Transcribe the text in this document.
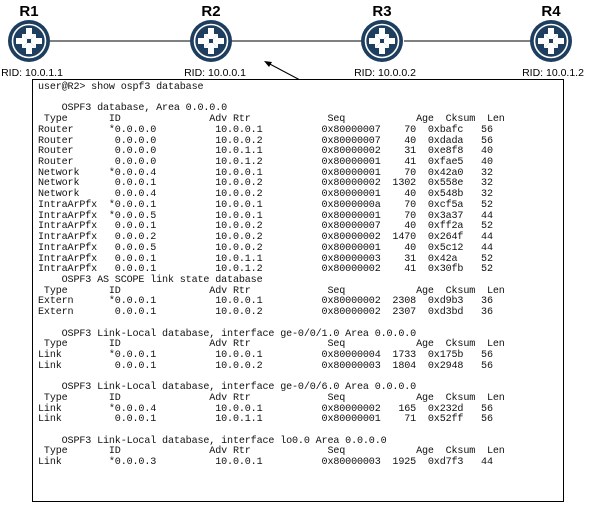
R1
RID: 10.0.1.1
R2
RID: 10.0.0.1
R3
RID: 10.0.0.2
R4
RID: 10.0.1.2
user@R2> show ospf3 database

OSPF3 database, Area 0.0.0.0
Type       ID               Adv Rtr             Seq            Age  Cksum  Len
Router      *0.0.0.0          10.0.0.1          0x80000007    70  0xbafc   56
Router       0.0.0.0          10.0.0.2          0x80000007    40  0xdada   56
Router       0.0.0.0          10.0.1.1          0x80000002    31  0xe8f8   40
Router       0.0.0.0          10.0.1.2          0x80000001    41  0xfae5   40
Network     *0.0.0.4          10.0.0.1          0x80000001    70  0x42a0   32
Network      0.0.0.1          10.0.0.2          0x80000002  1302  0x558e   32
Network      0.0.0.4          10.0.0.2          0x80000001    40  0x548b   32
IntraArPfx  *0.0.0.1          10.0.0.1          0x8000000a    70  0xcf5a   52
IntraArPfx  *0.0.0.5          10.0.0.1          0x80000001    70  0x3a37   44
IntraArPfx   0.0.0.1          10.0.0.2          0x80000007    40  0xff2a   52
IntraArPfx   0.0.0.2          10.0.0.2          0x80000002  1470  0x264f   44
IntraArPfx   0.0.0.5          10.0.0.2          0x80000001    40  0x5c12   44
IntraArPfx   0.0.0.1          10.0.1.1          0x80000003    31  0x42a    52
IntraArPfx   0.0.0.1          10.0.1.2          0x80000002    41  0x30fb   52
OSPF3 AS SCOPE link state database
Type       ID               Adv Rtr             Seq            Age  Cksum  Len
Extern      *0.0.0.1          10.0.0.1          0x80000002  2308  0xd9b3   36
Extern       0.0.0.1          10.0.0.2          0x80000002  2307  0xd3bd   36

OSPF3 Link-Local database, interface ge-0/0/1.0 Area 0.0.0.0
Type       ID               Adv Rtr             Seq            Age  Cksum  Len
Link        *0.0.0.1          10.0.0.1          0x80000004  1733  0x175b   56
Link         0.0.0.1          10.0.0.2          0x80000003  1804  0x2948   56

OSPF3 Link-Local database, interface ge-0/0/6.0 Area 0.0.0.0
Type       ID               Adv Rtr             Seq            Age  Cksum  Len
Link        *0.0.0.4          10.0.0.1          0x80000002   165  0x232d   56
Link         0.0.0.1          10.0.1.1          0x80000001    71  0x52ff   56

OSPF3 Link-Local database, interface lo0.0 Area 0.0.0.0
Type       ID               Adv Rtr             Seq            Age  Cksum  Len
Link        *0.0.0.3          10.0.0.1          0x80000003  1925  0xd7f3   44
